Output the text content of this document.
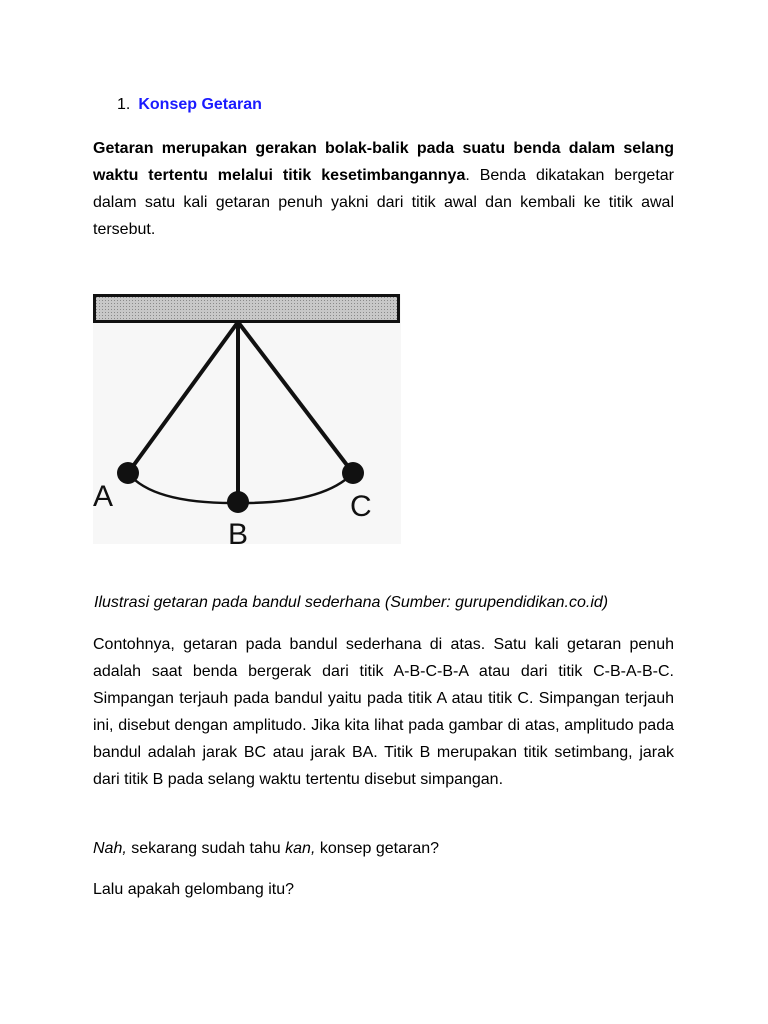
1. Konsep Getaran

Getaran merupakan gerakan bolak-balik pada suatu benda dalam selang waktu tertentu melalui titik kesetimbangannya. Benda dikatakan bergetar dalam satu kali getaran penuh yakni dari titik awal dan kembali ke titik awal tersebut.

A
B
C
Ilustrasi getaran pada bandul sederhana (Sumber: gurupendidikan.co.id)

Contohnya, getaran pada bandul sederhana di atas. Satu kali getaran penuh adalah saat benda bergerak dari titik A-B-C-B-A atau dari titik C-B-A-B-C. Simpangan terjauh pada bandul yaitu pada titik A atau titik C. Simpangan terjauh ini, disebut dengan amplitudo. Jika kita lihat pada gambar di atas, amplitudo pada bandul adalah jarak BC atau jarak BA. Titik B merupakan titik setimbang, jarak dari titik B pada selang waktu tertentu disebut simpangan.

Nah, sekarang sudah tahu kan, konsep getaran?

Lalu apakah gelombang itu?
